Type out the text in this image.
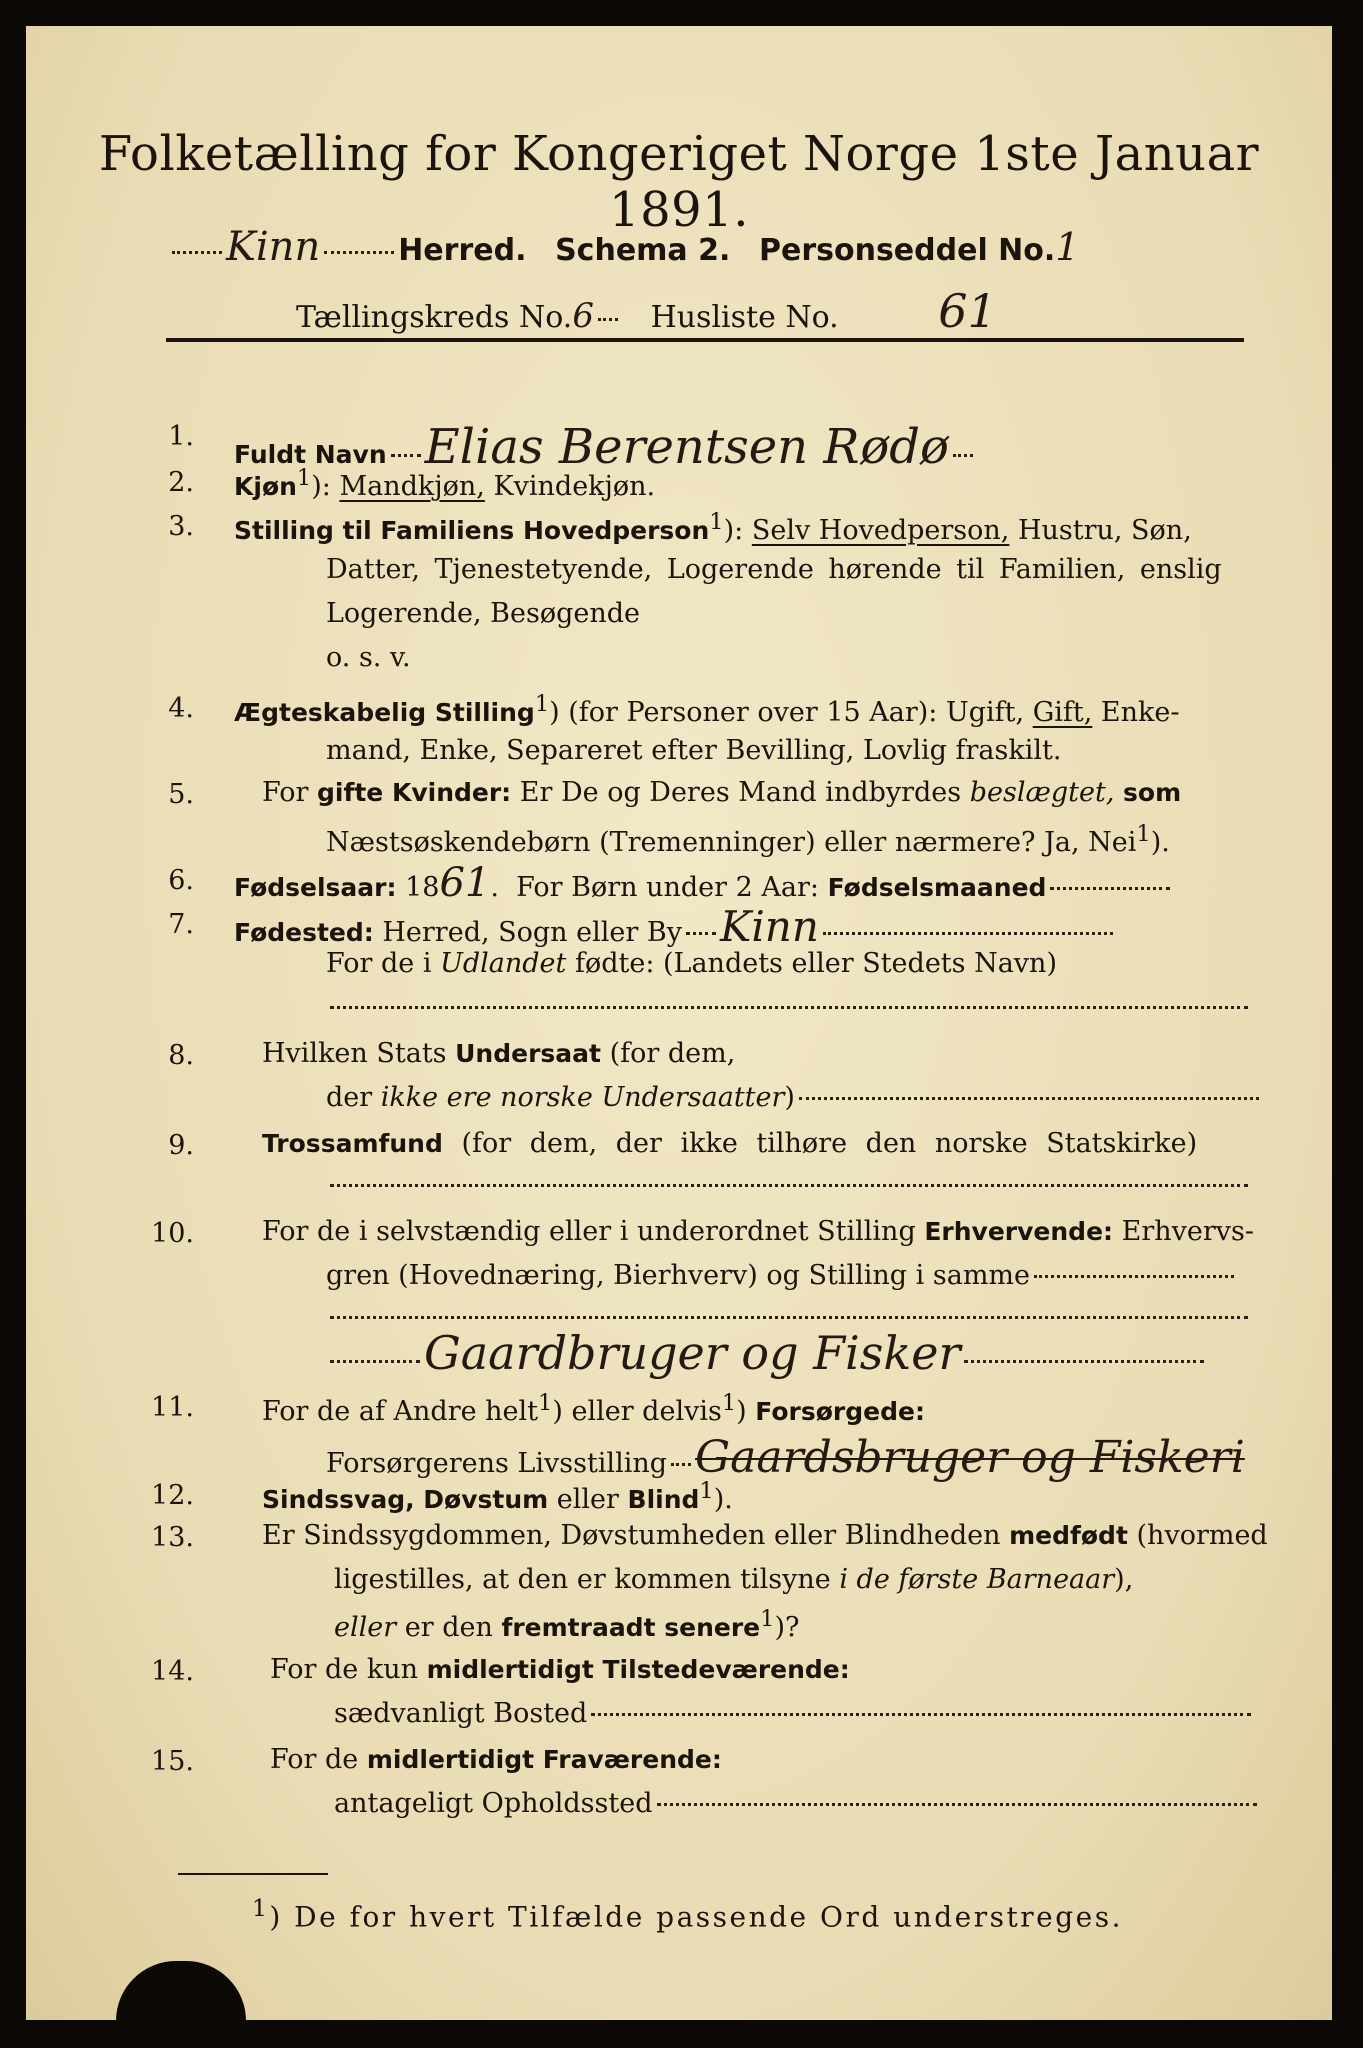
Folketælling for Kongeriget Norge 1ste Januar 1891.
Kinn	Herred. Schema 2. Personseddel No.1
Tællingskreds No.6 Husliste No. 61
1.
Fuldt Navn Elias Berentsen Rødø
2. Kjøn$^1$): Mandkjøn, Kvindekjøn.
3. Stilling til Familiens Hovedperson$^1$): Selv Hovedperson, Hustru, Søn,
Datter, Tjenestetyende, Logerende hørende til Familien, enslig
Logerende, Besøgende
o. s. v.
4. Ægteskabelig Stilling$^1$) (for Personer over 15 Aar): Ugift, Gift, Enke-
mand, Enke, Separeret efter Bevilling, Lovlig fraskilt.
5.	For gifte Kvinder: Er De og Deres Mand indbyrdes beslægtet, som
Næstsøskendebørn (Tremenninger) eller nærmere? Ja, Nei$^1$).
6. Fødselsaar: 1861.  For Børn under 2 Aar: Fødselsmaaned
7. Fødested: Herred, Sogn eller By Kinn
For de i Udlandet fødte: (Landets eller Stedets Navn)
8.	Hvilken Stats Undersaat (for dem,
der ikke ere norske Undersaatter)
9.	Trossamfund (for dem, der ikke tilhøre den norske Statskirke)
10.	For de i selvstændig eller i underordnet Stilling Erhvervende: Erhvervs-
gren (Hovednæring, Bierhverv) og Stilling i samme
Gaardbruger og Fisker
11.	For de af Andre helt$^1$) eller delvis$^1$) Forsørgede:
Forsørgerens Livsstilling Gaardsbruger og Fiskeri
12.	Sindssvag, Døvstum eller Blind$^1$).
13.	Er Sindssygdommen, Døvstumheden eller Blindheden medfødt (hvormed
ligestilles, at den er kommen tilsyne i de første Barneaar),
eller er den fremtraadt senere$^1$)?
14.	For de kun midlertidigt Tilstedeværende:
sædvanligt Bosted
15.	For de midlertidigt Fraværende:
antageligt Opholdssted
$^1$) De for hvert Tilfælde passende Ord understreges.
